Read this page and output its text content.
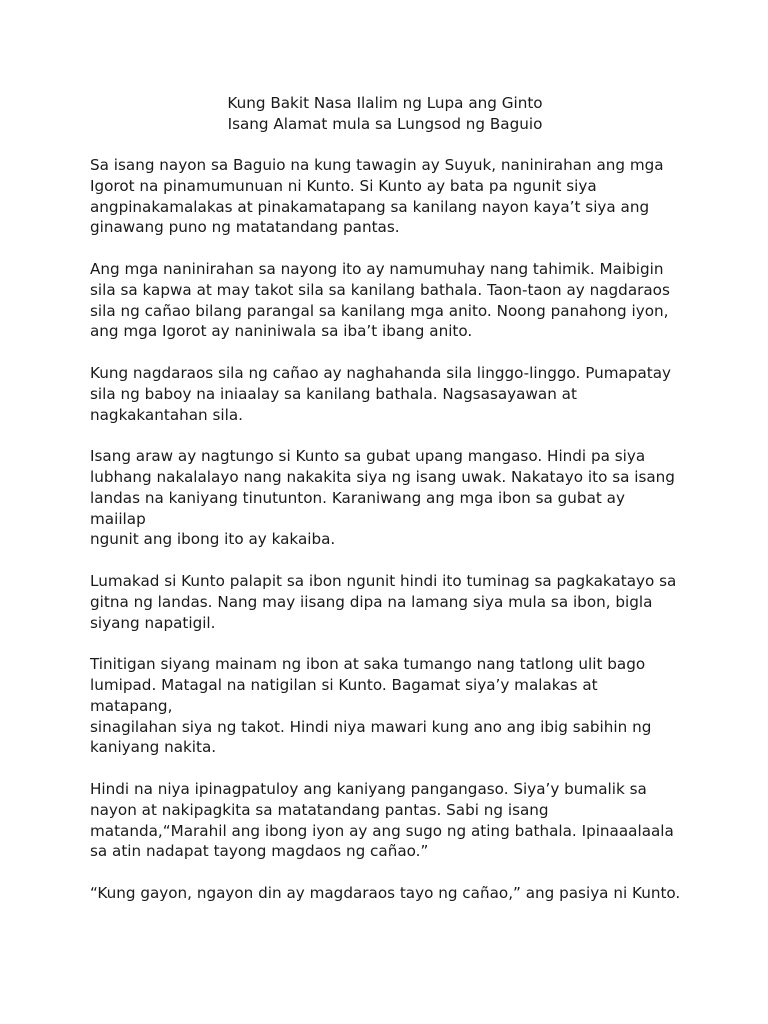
Kung Bakit Nasa Ilalim ng Lupa ang Ginto
Isang Alamat mula sa Lungsod ng Baguio

Sa isang nayon sa Baguio na kung tawagin ay Suyuk, naninirahan ang mga
Igorot na pinamumunuan ni Kunto. Si Kunto ay bata pa ngunit siya
angpinakamalakas at pinakamatapang sa kanilang nayon kaya’t siya ang
ginawang puno ng matatandang pantas.

Ang mga naninirahan sa nayong ito ay namumuhay nang tahimik. Maibigin
sila sa kapwa at may takot sila sa kanilang bathala. Taon-taon ay nagdaraos
sila ng cañao bilang parangal sa kanilang mga anito. Noong panahong iyon,
ang mga Igorot ay naniniwala sa iba’t ibang anito.

Kung nagdaraos sila ng cañao ay naghahanda sila linggo-linggo. Pumapatay
sila ng baboy na iniaalay sa kanilang bathala. Nagsasayawan at
nagkakantahan sila.

Isang araw ay nagtungo si Kunto sa gubat upang mangaso. Hindi pa siya
lubhang nakalalayo nang nakakita siya ng isang uwak. Nakatayo ito sa isang
landas na kaniyang tinutunton. Karaniwang ang mga ibon sa gubat ay
maiilap
ngunit ang ibong ito ay kakaiba.

Lumakad si Kunto palapit sa ibon ngunit hindi ito tuminag sa pagkakatayo sa
gitna ng landas. Nang may iisang dipa na lamang siya mula sa ibon, bigla
siyang napatigil.

Tinitigan siyang mainam ng ibon at saka tumango nang tatlong ulit bago
lumipad. Matagal na natigilan si Kunto. Bagamat siya’y malakas at
matapang,
sinagilahan siya ng takot. Hindi niya mawari kung ano ang ibig sabihin ng
kaniyang nakita.

Hindi na niya ipinagpatuloy ang kaniyang pangangaso. Siya’y bumalik sa
nayon at nakipagkita sa matatandang pantas. Sabi ng isang
matanda,“Marahil ang ibong iyon ay ang sugo ng ating bathala. Ipinaaalaala
sa atin nadapat tayong magdaos ng cañao.”

“Kung gayon, ngayon din ay magdaraos tayo ng cañao,” ang pasiya ni Kunto.
